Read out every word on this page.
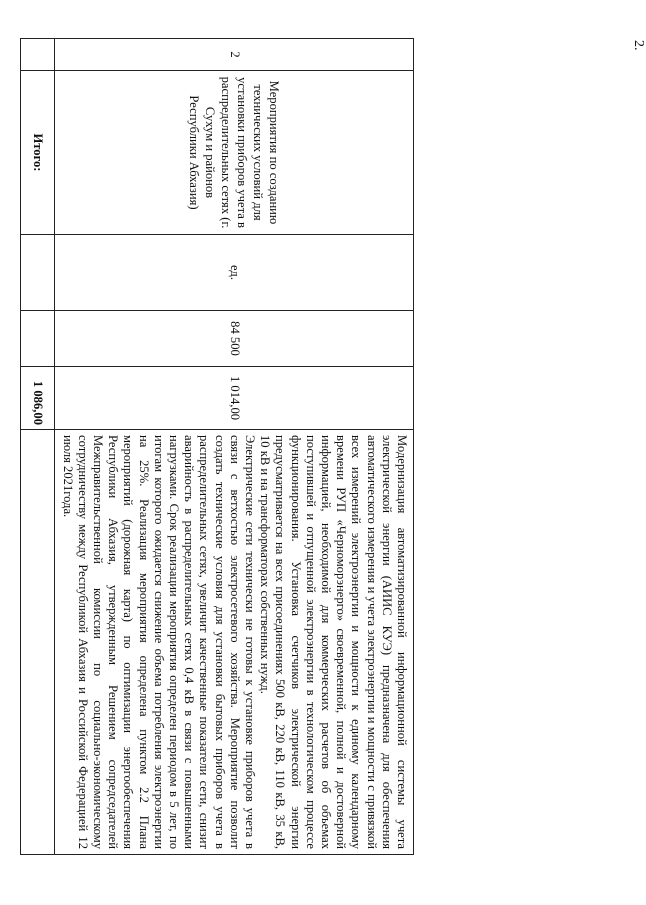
2.
2	Мероприятия по созданию технических условий для установки приборов учета в распределительных сетях (г. Сухум и районов Республики Абхазия)	ед.	84 500	1 014,00	Модернизация автоматизированной информационной системы учета электрической энергии (АИИС КУЭ) предназначена для обеспечения автоматического измерения и учета электроэнергии и мощности с привязкой всех измерений электроэнергии и мощности к единому календарному времени РУП «Черноморэнерго» своевременной, полной и достоверной информацией, необходимой для коммерческих расчетов об объемах поступившей и отпущенной электроэнергии в технологическом процессе функционирования. Установка счетчиков электрической энергии предусматривается на всех присоединениях 500 кВ, 220 кВ, 110 кВ, 35 кВ, 10 кВ и на трансформаторах собственных нужд.
Электрические сети технически не готовы к установке приборов учета в связи с ветхостью электросетевого хозяйства. Мероприятие позволит создать технические условия для установки бытовых приборов учета в распределительных сетях, увеличит качественные показатели сети, снизит аварийность в распределительных сетях 0,4 кВ в связи с повышенными нагрузками. Срок реализации мероприятия определен периодом в 5 лет, по итогам которого ожидается снижение объема потребления электроэнергии на 25%. Реализация мероприятия определена пунктом 2.2 Плана мероприятий (дорожная карта) по оптимизации энергообеспечения Республики Абхазия, утвержденным Решением сопредседателей Межправительственной комиссии по социально-экономическому сотрудничеству между Республикой Абхазия и Российской Федерацией 12 июля 2021года.

	Итого:			1 086,00	
